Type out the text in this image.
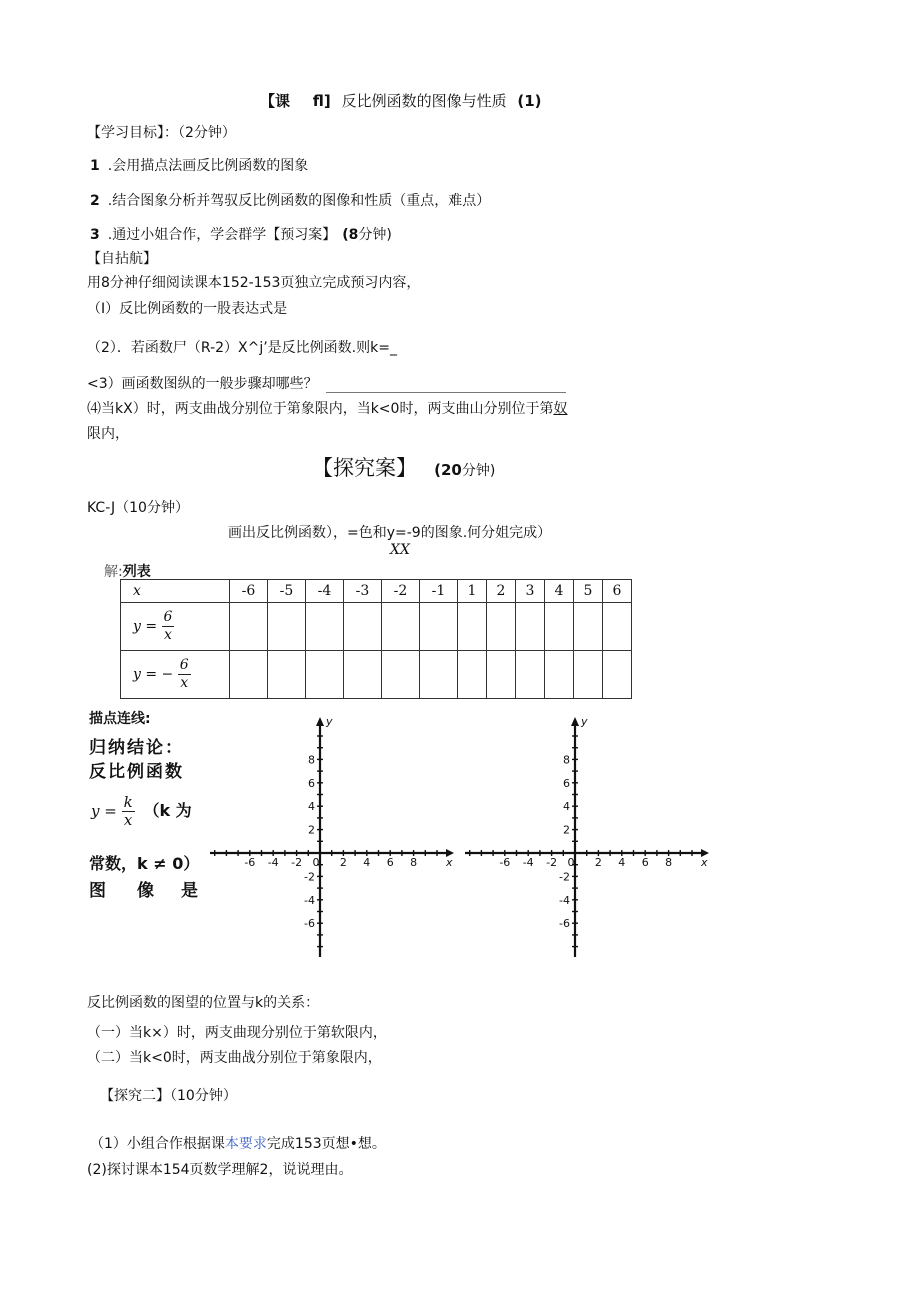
【课 fl] 反比例函数的图像与性质 (1)
【学习目标】：（2分钟）
1 .会用描点法画反比例函数的图象
2 .结合图象分析并驾驭反比例函数的图像和性质（重点，难点）
3 .通过小姐合作，学会群学【预习案】 (8分钟)
【自拈航】
用8分神仔细阅读课本152-153页独立完成预习内容，
（I）反比例函数的一股表达式是
（2）．若函数尸（R-2）X^j’是反比例函数.则k=_
<3）画函数图纵的一般步骤却哪些？
⑷当kX）时，两支曲战分别位于第象限内，当k<0时，两支曲山分别位于第奴
限内，
【探究案】 (20分钟)
KC-J（10分钟）
画出反比例函数），=色和y=-9的图象.何分姐完成）
XX
解:列表
x	-6	-5	-4	-3	-2	-1	1	2	3	4	5	6
$y = \frac{6}{x}$

y = − $\frac{6}{x}$

描点连线:
归纳结论：
反比例函数
$y = \frac{k}{x} (k$ 为
常数，k ≠ 0）
图 像 是
-6 -4 -2 0 2 4 6 8
8
6
4
2
-2
-4
-6
x
y
-6 -4 -2 0 2 4 6 8
8
6
4
2
-2
-4
-6
x
y
反比例函数的图望的位置与k的关系：
（一）当k×）时，两支曲现分别位于第软限内，
（二）当k<0时，两支曲战分别位于第象限内，
【探究二】（10分钟）
（1）小组合作根据课本要求完成153页想•想。
(2)探讨课本154页数学理解2，说说理由。
